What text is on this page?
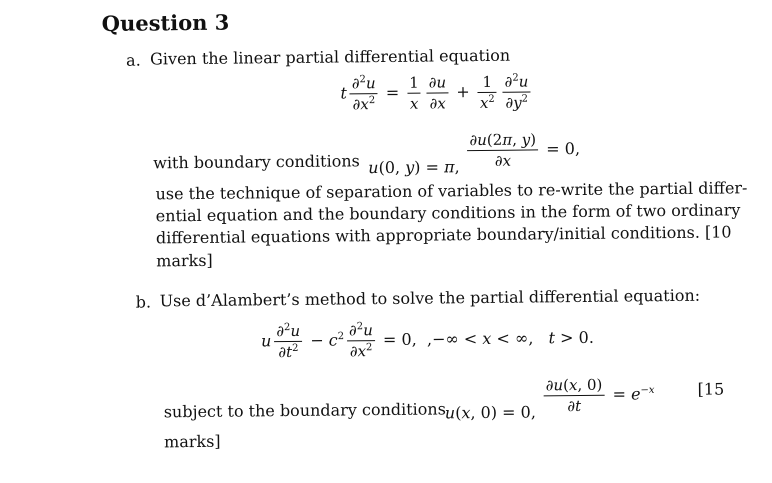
Question 3
a. Given the linear partial differential equation
t $\frac{\partial^2u}{\partial x^2} = \frac{1}{x} \frac{\partial u}{\partial x} + \frac{1}{x^2} \frac{\partial^2u}{\partial y^2}$
with boundary conditions u(0, y) = π, $\frac{\partial u(2\pi, y)}{\partial x} = 0$,
use the technique of separation of variables to re-write the partial differ-
ential equation and the boundary conditions in the form of two ordinary
differential equations with appropriate boundary/initial conditions. [10
marks]
b. Use d’Alambert’s method to solve the partial differential equation:
u $\frac{\partial^2u}{\partial t^2} - c^2 \frac{\partial^2u}{\partial x^2} = 0$,  ,−∞ < x < ∞,   t > 0.
subject to the boundary conditions
u(x, 0) = 0, $\frac{\partial u(x, 0)}{\partial t} = e^{-x}$	[15
marks]
